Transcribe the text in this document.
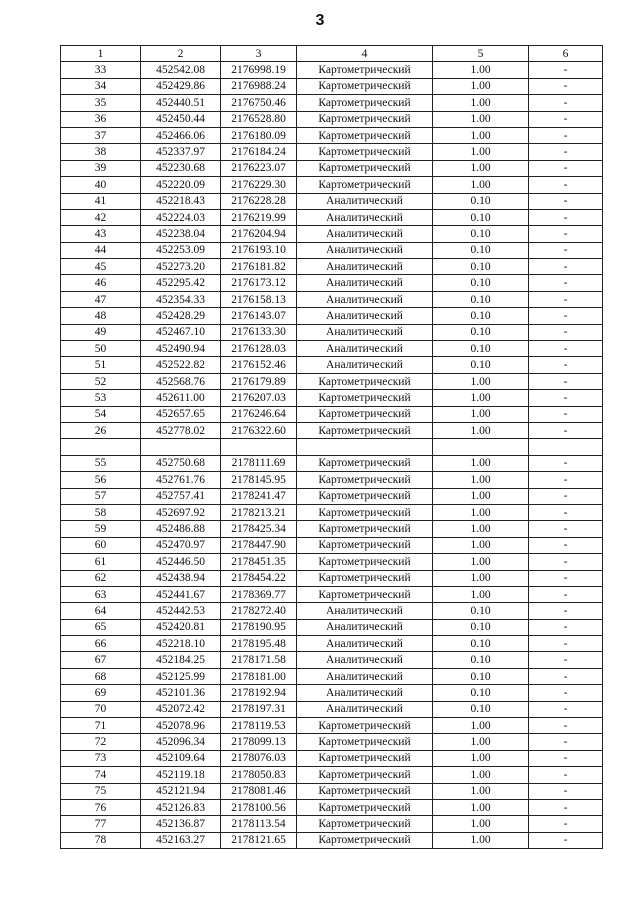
3
1	2	3	4	5	6
33	452542.08	2176998.19	Картометрический	1.00	-
34	452429.86	2176988.24	Картометрический	1.00	-
35	452440.51	2176750.46	Картометрический	1.00	-
36	452450.44	2176528.80	Картометрический	1.00	-
37	452466.06	2176180.09	Картометрический	1.00	-
38	452337.97	2176184.24	Картометрический	1.00	-
39	452230.68	2176223.07	Картометрический	1.00	-
40	452220.09	2176229.30	Картометрический	1.00	-
41	452218.43	2176228.28	Аналитический	0.10	-
42	452224.03	2176219.99	Аналитический	0.10	-
43	452238.04	2176204.94	Аналитический	0.10	-
44	452253.09	2176193.10	Аналитический	0.10	-
45	452273.20	2176181.82	Аналитический	0.10	-
46	452295.42	2176173.12	Аналитический	0.10	-
47	452354.33	2176158.13	Аналитический	0.10	-
48	452428.29	2176143.07	Аналитический	0.10	-
49	452467.10	2176133.30	Аналитический	0.10	-
50	452490.94	2176128.03	Аналитический	0.10	-
51	452522.82	2176152.46	Аналитический	0.10	-
52	452568.76	2176179.89	Картометрический	1.00	-
53	452611.00	2176207.03	Картометрический	1.00	-
54	452657.65	2176246.64	Картометрический	1.00	-
26	452778.02	2176322.60	Картометрический	1.00	-

55	452750.68	2178111.69	Картометрический	1.00	-
56	452761.76	2178145.95	Картометрический	1.00	-
57	452757.41	2178241.47	Картометрический	1.00	-
58	452697.92	2178213.21	Картометрический	1.00	-
59	452486.88	2178425.34	Картометрический	1.00	-
60	452470.97	2178447.90	Картометрический	1.00	-
61	452446.50	2178451.35	Картометрический	1.00	-
62	452438.94	2178454.22	Картометрический	1.00	-
63	452441.67	2178369.77	Картометрический	1.00	-
64	452442.53	2178272.40	Аналитический	0.10	-
65	452420.81	2178190.95	Аналитический	0.10	-
66	452218.10	2178195.48	Аналитический	0.10	-
67	452184.25	2178171.58	Аналитический	0.10	-
68	452125.99	2178181.00	Аналитический	0.10	-
69	452101.36	2178192.94	Аналитический	0.10	-
70	452072.42	2178197.31	Аналитический	0.10	-
71	452078.96	2178119.53	Картометрический	1.00	-
72	452096.34	2178099.13	Картометрический	1.00	-
73	452109.64	2178076.03	Картометрический	1.00	-
74	452119.18	2178050.83	Картометрический	1.00	-
75	452121.94	2178081.46	Картометрический	1.00	-
76	452126.83	2178100.56	Картометрический	1.00	-
77	452136.87	2178113.54	Картометрический	1.00	-
78	452163.27	2178121.65	Картометрический	1.00	-
